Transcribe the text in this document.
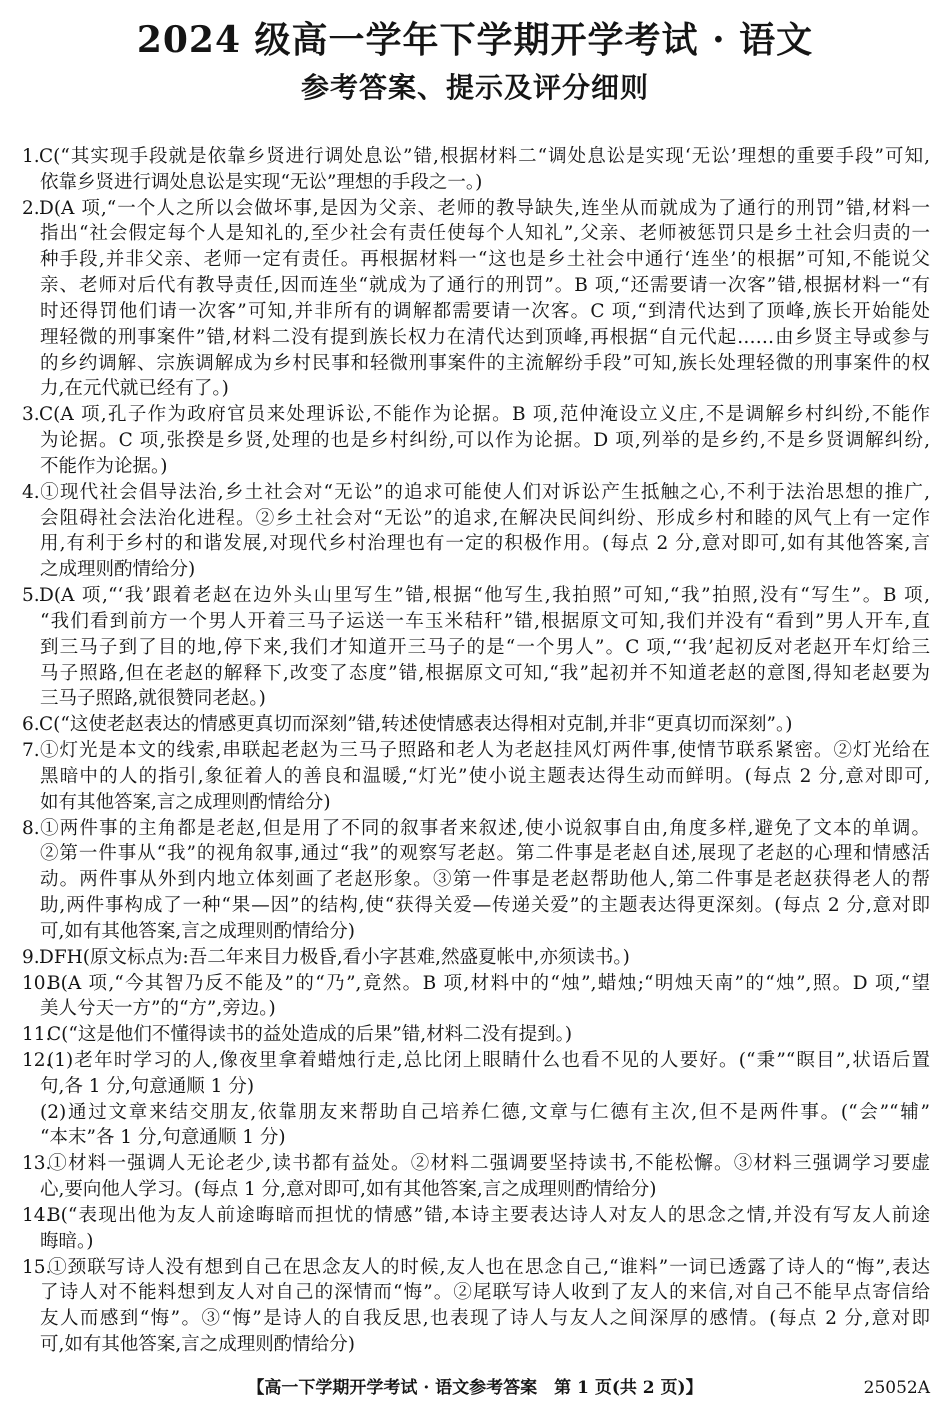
2024 级高一学年下学期开学考试 · 语文
参考答案、提示及评分细则
1.C(“其实现手段就是依靠乡贤进行调处息讼”错,根据材料二“调处息讼是实现‘无讼’理想的重要手段”可知,
依靠乡贤进行调处息讼是实现“无讼”理想的手段之一。)
2.D(A 项,“一个人之所以会做坏事,是因为父亲、老师的教导缺失,连坐从而就成为了通行的刑罚”错,材料一
指出“社会假定每个人是知礼的,至少社会有责任使每个人知礼”,父亲、老师被惩罚只是乡土社会归责的一
种手段,并非父亲、老师一定有责任。再根据材料一“这也是乡土社会中通行‘连坐’的根据”可知,不能说父
亲、老师对后代有教导责任,因而连坐“就成为了通行的刑罚”。B 项,“还需要请一次客”错,根据材料一“有
时还得罚他们请一次客”可知,并非所有的调解都需要请一次客。C 项,“到清代达到了顶峰,族长开始能处
理轻微的刑事案件”错,材料二没有提到族长权力在清代达到顶峰,再根据“自元代起……由乡贤主导或参与
的乡约调解、宗族调解成为乡村民事和轻微刑事案件的主流解纷手段”可知,族长处理轻微的刑事案件的权
力,在元代就已经有了。)
3.C(A 项,孔子作为政府官员来处理诉讼,不能作为论据。B 项,范仲淹设立义庄,不是调解乡村纠纷,不能作
为论据。C 项,张揆是乡贤,处理的也是乡村纠纷,可以作为论据。D 项,列举的是乡约,不是乡贤调解纠纷,
不能作为论据。)
4.①现代社会倡导法治,乡土社会对“无讼”的追求可能使人们对诉讼产生抵触之心,不利于法治思想的推广,
会阻碍社会法治化进程。②乡土社会对“无讼”的追求,在解决民间纠纷、形成乡村和睦的风气上有一定作
用,有利于乡村的和谐发展,对现代乡村治理也有一定的积极作用。(每点 2 分,意对即可,如有其他答案,言
之成理则酌情给分)
5.D(A 项,“‘我’跟着老赵在边外头山里写生”错,根据“他写生,我拍照”可知,“我”拍照,没有“写生”。B 项,
“我们看到前方一个男人开着三马子运送一车玉米秸秆”错,根据原文可知,我们并没有“看到”男人开车,直
到三马子到了目的地,停下来,我们才知道开三马子的是“一个男人”。C 项,“‘我’起初反对老赵开车灯给三
马子照路,但在老赵的解释下,改变了态度”错,根据原文可知,“我”起初并不知道老赵的意图,得知老赵要为
三马子照路,就很赞同老赵。)
6.C(“这使老赵表达的情感更真切而深刻”错,转述使情感表达得相对克制,并非“更真切而深刻”。)
7.①灯光是本文的线索,串联起老赵为三马子照路和老人为老赵挂风灯两件事,使情节联系紧密。②灯光给在
黑暗中的人的指引,象征着人的善良和温暖,“灯光”使小说主题表达得生动而鲜明。(每点 2 分,意对即可,
如有其他答案,言之成理则酌情给分)
8.①两件事的主角都是老赵,但是用了不同的叙事者来叙述,使小说叙事自由,角度多样,避免了文本的单调。
②第一件事从“我”的视角叙事,通过“我”的观察写老赵。第二件事是老赵自述,展现了老赵的心理和情感活
动。两件事从外到内地立体刻画了老赵形象。③第一件事是老赵帮助他人,第二件事是老赵获得老人的帮
助,两件事构成了一种“果—因”的结构,使“获得关爱—传递关爱”的主题表达得更深刻。(每点 2 分,意对即
可,如有其他答案,言之成理则酌情给分)
9.DFH(原文标点为:吾二年来目力极昏,看小字甚难,然盛夏帐中,亦须读书。)
10.B(A 项,“今其智乃反不能及”的“乃”,竟然。B 项,材料中的“烛”,蜡烛;“明烛天南”的“烛”,照。D 项,“望
美人兮天一方”的“方”,旁边。)
11.C(“这是他们不懂得读书的益处造成的后果”错,材料二没有提到。)
12.(1)老年时学习的人,像夜里拿着蜡烛行走,总比闭上眼睛什么也看不见的人要好。(“秉”“瞑目”,状语后置
句,各 1 分,句意通顺 1 分)
(2)通过文章来结交朋友,依靠朋友来帮助自己培养仁德,文章与仁德有主次,但不是两件事。(“会”“辅”
“本末”各 1 分,句意通顺 1 分)
13.①材料一强调人无论老少,读书都有益处。②材料二强调要坚持读书,不能松懈。③材料三强调学习要虚
心,要向他人学习。(每点 1 分,意对即可,如有其他答案,言之成理则酌情给分)
14.B(“表现出他为友人前途晦暗而担忧的情感”错,本诗主要表达诗人对友人的思念之情,并没有写友人前途
晦暗。)
15.①颈联写诗人没有想到自己在思念友人的时候,友人也在思念自己,“谁料”一词已透露了诗人的“悔”,表达
了诗人对不能料想到友人对自己的深情而“悔”。②尾联写诗人收到了友人的来信,对自己不能早点寄信给
友人而感到“悔”。③“悔”是诗人的自我反思,也表现了诗人与友人之间深厚的感情。(每点 2 分,意对即
可,如有其他答案,言之成理则酌情给分)
【高一下学期开学考试 · 语文参考答案　第 1 页(共 2 页)】	25052A
